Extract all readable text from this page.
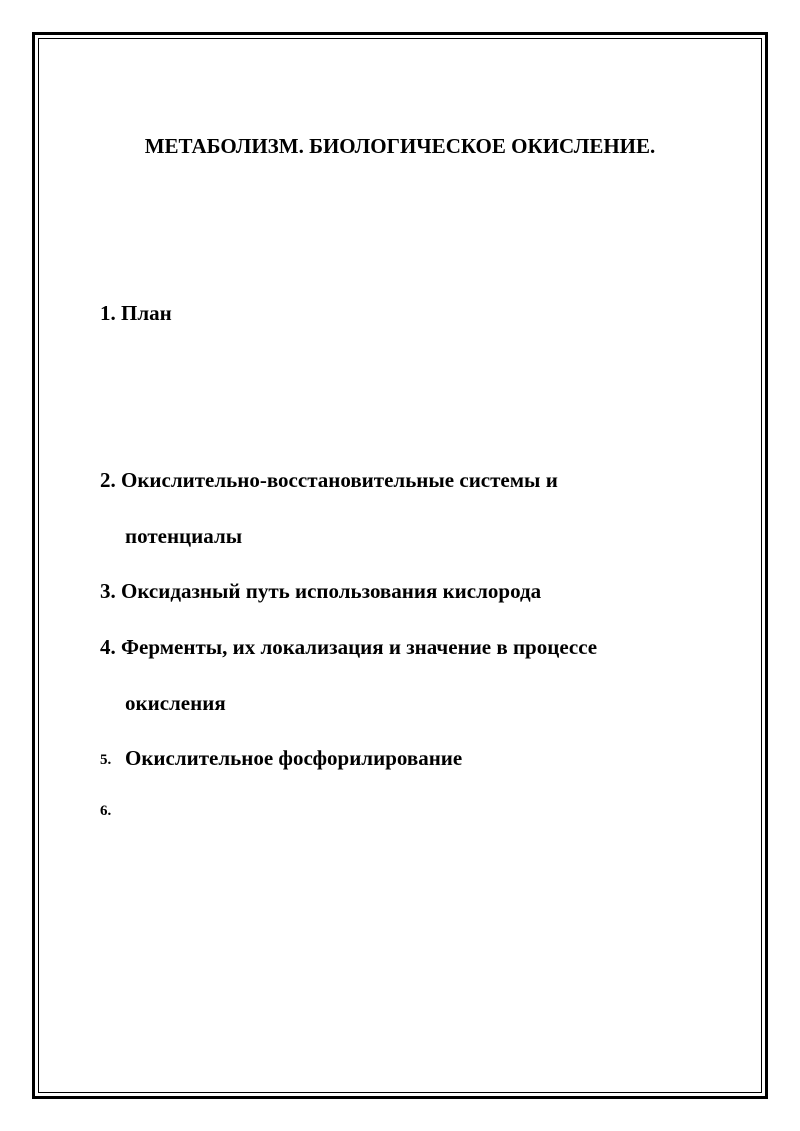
МЕТАБОЛИЗМ. БИОЛОГИЧЕСКОЕ ОКИСЛЕНИЕ.
1. План
2. Окислительно-восстановительные системы и
потенциалы
3. Оксидазный путь использования кислорода
4. Ферменты, их локализация и значение в процессе
окисления
5. Окислительное фосфорилирование
6.
